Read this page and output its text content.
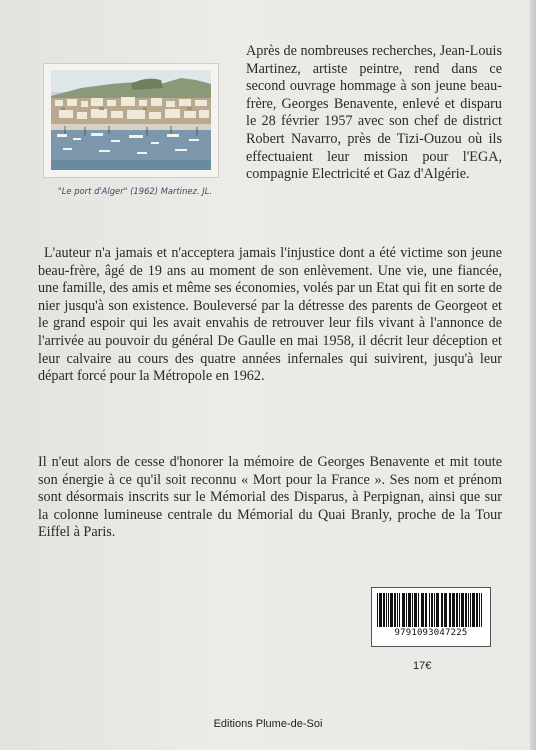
"Le port d'Alger" (1962) Martinez. JL.

Après de nombreuses recherches, Jean-Louis Martinez, artiste peintre, rend dans ce second ouvrage hommage à son jeune beau-frère, Georges Benavente, enlevé et disparu le 28 février 1957 avec son chef de district Robert Navarro, près de Tizi-Ouzou où ils effectuaient leur mission pour l'EGA, compagnie Electricité et Gaz d'Algérie.

L'auteur n'a jamais et n'acceptera jamais l'injustice dont a été victime son jeune beau-frère, âgé de 19 ans au moment de son enlèvement. Une vie, une fiancée, une famille, des amis et même ses économies, volés par un Etat qui fit en sorte de nier jusqu'à son existence. Bouleversé par la détresse des parents de Georgeot et le grand espoir qui les avait envahis de retrouver leur fils vivant à l'annonce de l'arrivée au pouvoir du général De Gaulle en mai 1958, il décrit leur déception et leur calvaire au cours des quatre années infernales qui suivirent, jusqu'à leur départ forcé pour la Métropole en 1962.

Il n'eut alors de cesse d'honorer la mémoire de Georges Benavente et mit toute son énergie à ce qu'il soit reconnu « Mort pour la France ». Ses nom et prénom sont désormais inscrits sur le Mémorial des Disparus, à Perpignan, ainsi que sur la colonne lumineuse centrale du Mémorial du Quai Branly, proche de la Tour Eiffel à Paris.

9791093047225
17€
Editions Plume-de-Soi
